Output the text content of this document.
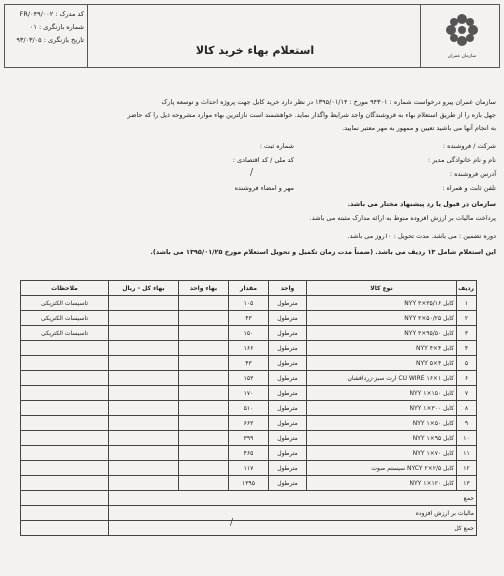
کد مدرک : FR/۰۴۹/۰۰۲
شماره بازنگری : ۰۱
تاریخ بازنگری : ۹۳/۰۳/۰۵
استعلام بهاء خرید کالا	سازمان عمران
سازمان عمران پیرو درخواست شماره : ۹۴۳۰۱ مورخ : ۱۳۹۵/۰۱/۱۴ در نظر دارد خرید کابل جهت پروژه احداث و توسعه پارک
جهل بازه را از طریق استعلام بهاء به فروشندگان واجد شرایط واگذار نماید. خواهشمند است نازلترین بهاء موارد مشروحه ذیل را که حاضر
به انجام آنها می باشید تعیین و ممهور به مهر معتبر نمایید.
شرکت / فروشنده :
شماره ثبت :
نام و نام خانوادگی مدیر :
کد ملی / کد اقتصادی :
آدرس فروشنده :
تلفن ثابت و همراه :
مهر و امضاء فروشنده
سازمان در قبول یا رد پیشنهاد مختار می باشد.
پرداخت مالیات بر ارزش افزوده منوط به ارائه مدارک مثبته می باشد.
دوره تضمین : می باشد. مدت تحویل : ۱۰روز می باشد.
این استعلام شامل ۱۳ ردیف می باشد. (ضمناً مدت زمان تکمیل و تحویل استعلام مورخ ۱۳۹۵/۰۱/۲۵ می باشد).
ردیف	نوع کالا	واحد	مقدار	بهاء واحد	بهاء کل - ریال	ملاحظات
۱	کابل NYY ۳×۳۵/۱۶	مترطول	۱۰۵			تاسیسات الکتریکی
۲	کابل NYY ۳×۵۰/۲۵	مترطول	۴۳			تاسیسات الکتریکی
۳	کابل NYY ۳×۹۵/۵۰	مترطول	۱۵۰			تاسیسات الکتریکی
۴	کابل NYY ۴×۴	مترطول	۱۶۶			
۵	کابل NYY ۵×۴	مترطول	۴۳			
۶	کابل ۱×۱۶ CU WIRE ارت سبز-زردافشان	مترطول	۱۵۳			
۷	کابل NYY ۱×۱۵۰	مترطول	۱۷۰			
۸	کابل NYY ۱×۳۰۰	مترطول	۵۱۰			
۹	کابل NYY ۱×۵۰	مترطول	۶۶۳			
۱۰	کابل NYY ۱×۹۵	مترطول	۳۹۹			
۱۱	کابل NYY ۱×۷۰	مترطول	۴۶۵			
۱۲	کابل NYCY ۲×۲/۵ سیستم صوت	مترطول	۱۱۷			
۱۳	کابل NYY ۱×۱۲۰	مترطول	۱۳۹۵			
جمع						
مالیات بر ارزش افزوده						
جمع کل						
/
/
